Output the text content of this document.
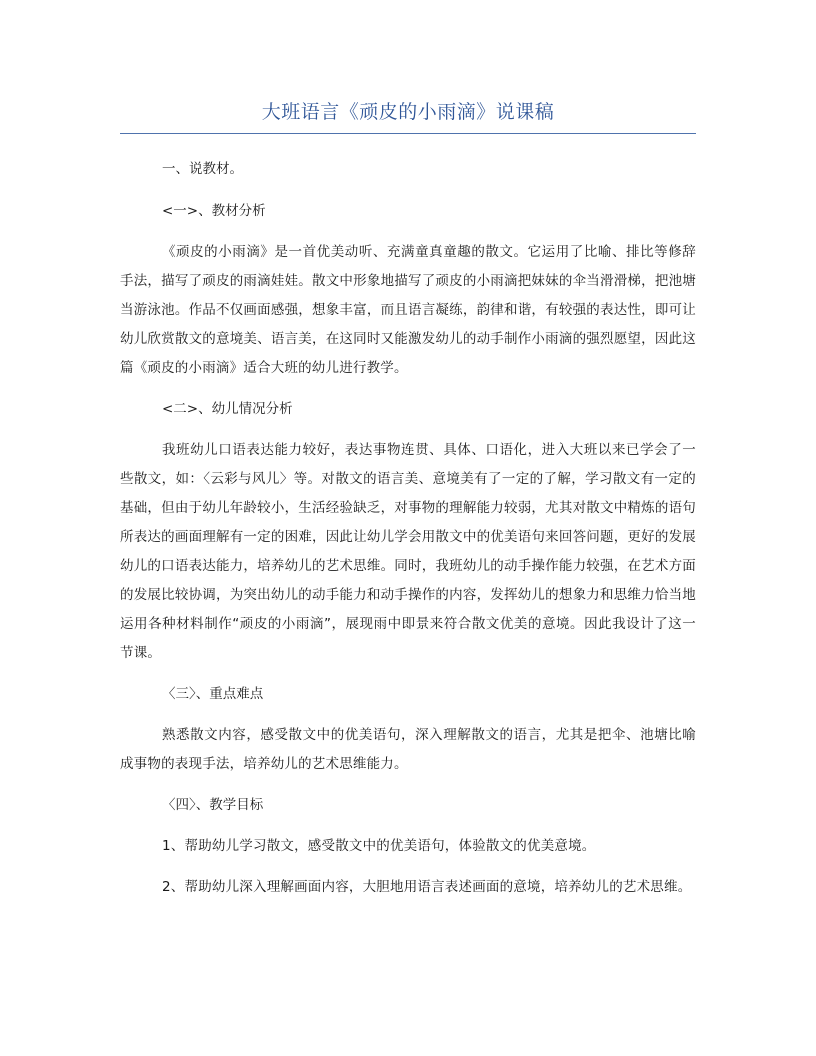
大班语言《顽皮的小雨滴》说课稿

一、说教材。

<一>、教材分析

《顽皮的小雨滴》是一首优美动听、充满童真童趣的散文。它运用了比喻、排比等修辞手法，描写了顽皮的雨滴娃娃。散文中形象地描写了顽皮的小雨滴把妹妹的伞当滑滑梯，把池塘当游泳池。作品不仅画面感强，想象丰富，而且语言凝练，韵律和谐，有较强的表达性，即可让幼儿欣赏散文的意境美、语言美，在这同时又能激发幼儿的动手制作小雨滴的强烈愿望，因此这篇《顽皮的小雨滴》适合大班的幼儿进行教学。

<二>、幼儿情况分析

我班幼儿口语表达能力较好，表达事物连贯、具体、口语化，进入大班以来已学会了一些散文，如：〈云彩与风儿〉等。对散文的语言美、意境美有了一定的了解，学习散文有一定的基础，但由于幼儿年龄较小，生活经验缺乏，对事物的理解能力较弱，尤其对散文中精炼的语句所表达的画面理解有一定的困难，因此让幼儿学会用散文中的优美语句来回答问题，更好的发展幼儿的口语表达能力，培养幼儿的艺术思维。同时，我班幼儿的动手操作能力较强，在艺术方面的发展比较协调，为突出幼儿的动手能力和动手操作的内容，发挥幼儿的想象力和思维力恰当地运用各种材料制作“顽皮的小雨滴”，展现雨中即景来符合散文优美的意境。因此我设计了这一节课。

〈三〉、重点难点

熟悉散文内容，感受散文中的优美语句，深入理解散文的语言，尤其是把伞、池塘比喻成事物的表现手法，培养幼儿的艺术思维能力。

〈四〉、教学目标

1、帮助幼儿学习散文，感受散文中的优美语句，体验散文的优美意境。

2、帮助幼儿深入理解画面内容，大胆地用语言表述画面的意境，培养幼儿的艺术思维。
